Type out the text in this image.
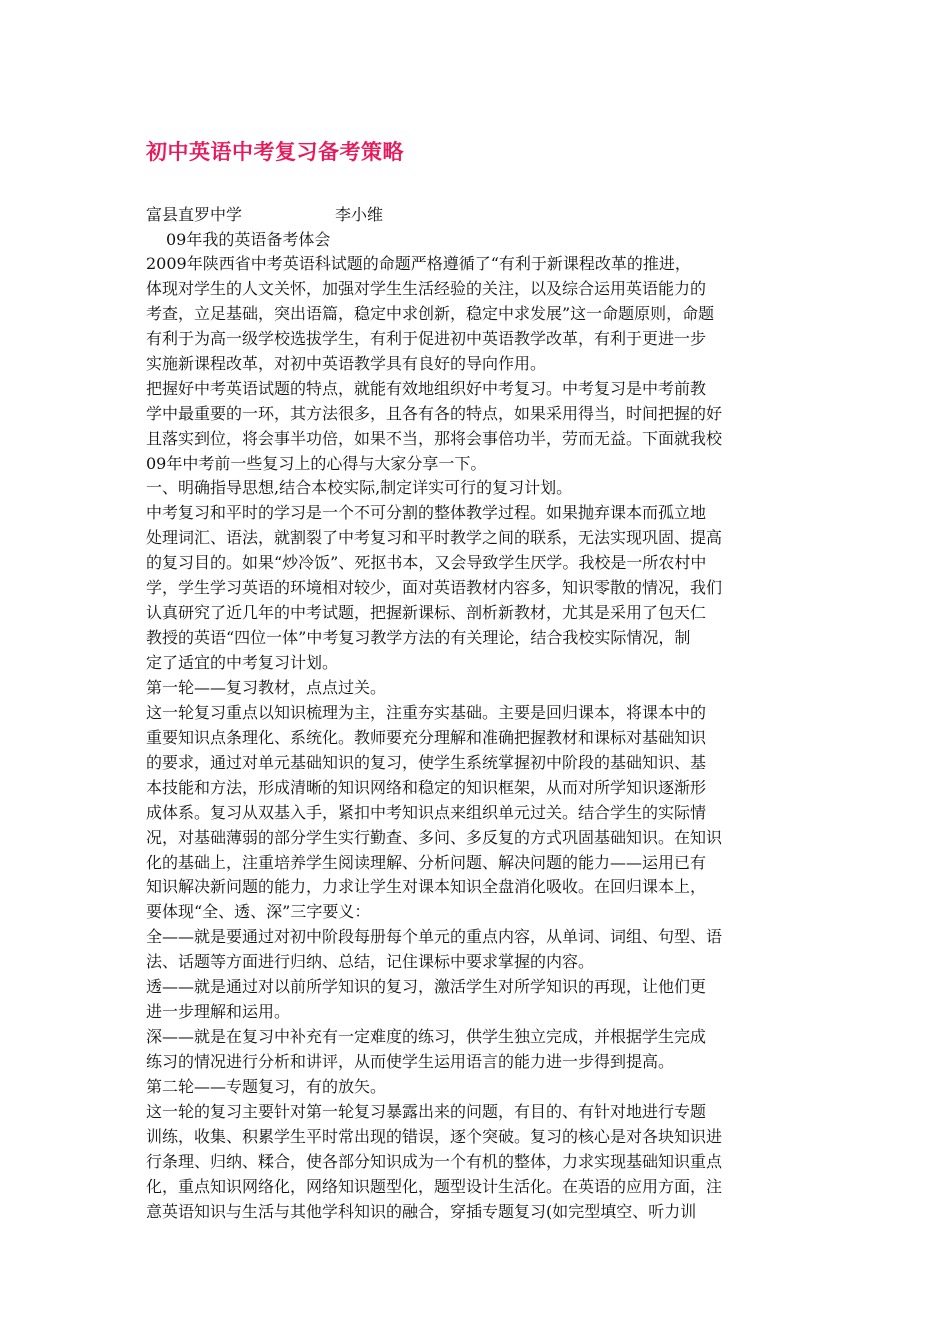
初中英语中考复习备考策略
富县直罗中学	李小维
09年我的英语备考体会
2009年陕西省中考英语科试题的命题严格遵循了“有利于新课程改革的推进，
体现对学生的人文关怀，加强对学生生活经验的关注，以及综合运用英语能力的
考查，立足基础，突出语篇，稳定中求创新，稳定中求发展”这一命题原则，命题
有利于为高一级学校选拔学生，有利于促进初中英语教学改革，有利于更进一步
实施新课程改革，对初中英语教学具有良好的导向作用。
把握好中考英语试题的特点，就能有效地组织好中考复习。中考复习是中考前教
学中最重要的一环，其方法很多，且各有各的特点，如果采用得当，时间把握的好
且落实到位，将会事半功倍，如果不当，那将会事倍功半，劳而无益。下面就我校
09年中考前一些复习上的心得与大家分享一下。
一、明确指导思想,结合本校实际,制定详实可行的复习计划。
中考复习和平时的学习是一个不可分割的整体教学过程。如果抛弃课本而孤立地
处理词汇、语法，就割裂了中考复习和平时教学之间的联系，无法实现巩固、提高
的复习目的。如果“炒冷饭”、死抠书本，又会导致学生厌学。我校是一所农村中
学，学生学习英语的环境相对较少，面对英语教材内容多，知识零散的情况，我们
认真研究了近几年的中考试题，把握新课标、剖析新教材，尤其是采用了包天仁
教授的英语“四位一体”中考复习教学方法的有关理论，结合我校实际情况，制
定了适宜的中考复习计划。
第一轮——复习教材，点点过关。
这一轮复习重点以知识梳理为主，注重夯实基础。主要是回归课本，将课本中的
重要知识点条理化、系统化。教师要充分理解和准确把握教材和课标对基础知识
的要求，通过对单元基础知识的复习，使学生系统掌握初中阶段的基础知识、基
本技能和方法，形成清晰的知识网络和稳定的知识框架，从而对所学知识逐渐形
成体系。复习从双基入手，紧扣中考知识点来组织单元过关。结合学生的实际情
况，对基础薄弱的部分学生实行勤查、多问、多反复的方式巩固基础知识。在知识
化的基础上，注重培养学生阅读理解、分析问题、解决问题的能力——运用已有
知识解决新问题的能力，力求让学生对课本知识全盘消化吸收。在回归课本上，
要体现“全、透、深”三字要义：
全——就是要通过对初中阶段每册每个单元的重点内容，从单词、词组、句型、语
法、话题等方面进行归纳、总结，记住课标中要求掌握的内容。
透——就是通过对以前所学知识的复习，激活学生对所学知识的再现，让他们更
进一步理解和运用。
深——就是在复习中补充有一定难度的练习，供学生独立完成，并根据学生完成
练习的情况进行分析和讲评，从而使学生运用语言的能力进一步得到提高。
第二轮——专题复习，有的放矢。
这一轮的复习主要针对第一轮复习暴露出来的问题，有目的、有针对地进行专题
训练，收集、积累学生平时常出现的错误，逐个突破。复习的核心是对各块知识进
行条理、归纳、糅合，使各部分知识成为一个有机的整体，力求实现基础知识重点
化，重点知识网络化，网络知识题型化，题型设计生活化。在英语的应用方面，注
意英语知识与生活与其他学科知识的融合，穿插专题复习(如完型填空、听力训
